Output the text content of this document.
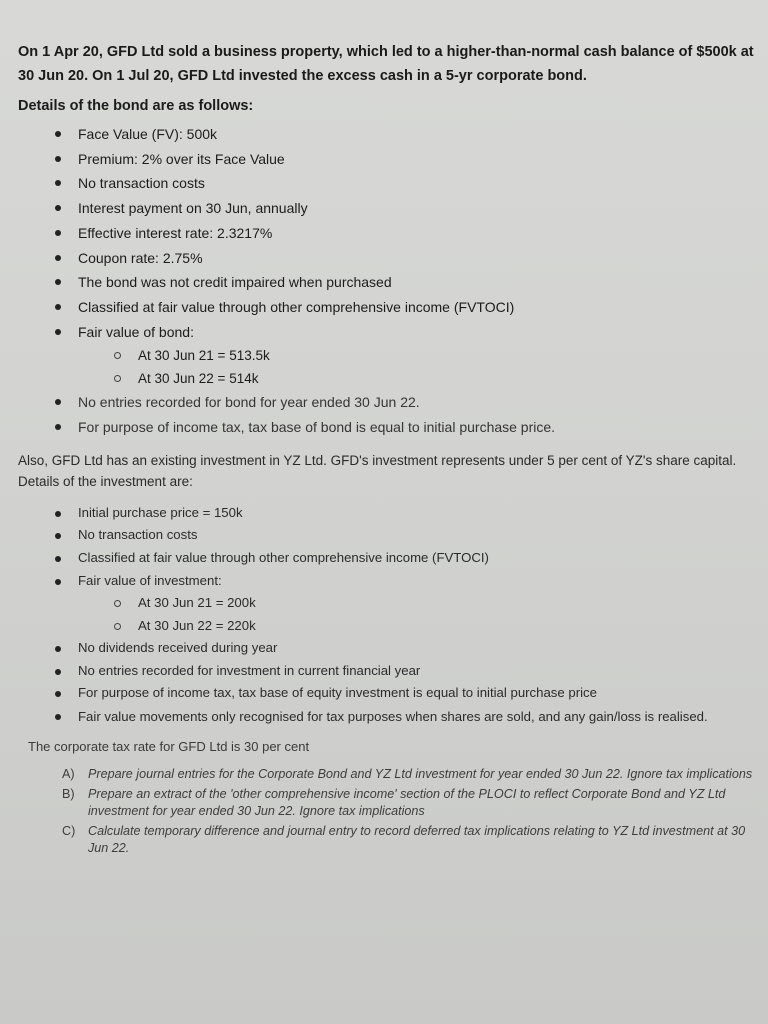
On 1 Apr 20, GFD Ltd sold a business property, which led to a higher-than-normal cash balance of $500k at 30 Jun 20. On 1 Jul 20, GFD Ltd invested the excess cash in a 5-yr corporate bond.

Details of the bond are as follows:

Face Value (FV): 500k
Premium: 2% over its Face Value
No transaction costs
Interest payment on 30 Jun, annually
Effective interest rate: 2.3217%
Coupon rate: 2.75%
The bond was not credit impaired when purchased
Classified at fair value through other comprehensive income (FVTOCI)
Fair value of bond:
At 30 Jun 21 = 513.5k
At 30 Jun 22 = 514k
No entries recorded for bond for year ended 30 Jun 22.
For purpose of income tax, tax base of bond is equal to initial purchase price.

Also, GFD Ltd has an existing investment in YZ Ltd. GFD's investment represents under 5 per cent of YZ's share capital. Details of the investment are:

Initial purchase price = 150k
No transaction costs
Classified at fair value through other comprehensive income (FVTOCI)
Fair value of investment:
At 30 Jun 21 = 200k
At 30 Jun 22 = 220k
No dividends received during year
No entries recorded for investment in current financial year
For purpose of income tax, tax base of equity investment is equal to initial purchase price
Fair value movements only recognised for tax purposes when shares are sold, and any gain/loss is realised.

The corporate tax rate for GFD Ltd is 30 per cent

A) Prepare journal entries for the Corporate Bond and YZ Ltd investment for year ended 30 Jun 22. Ignore tax implications
B) Prepare an extract of the 'other comprehensive income' section of the PLOCI to reflect Corporate Bond and YZ Ltd investment for year ended 30 Jun 22. Ignore tax implications
C) Calculate temporary difference and journal entry to record deferred tax implications relating to YZ Ltd investment at 30 Jun 22.
